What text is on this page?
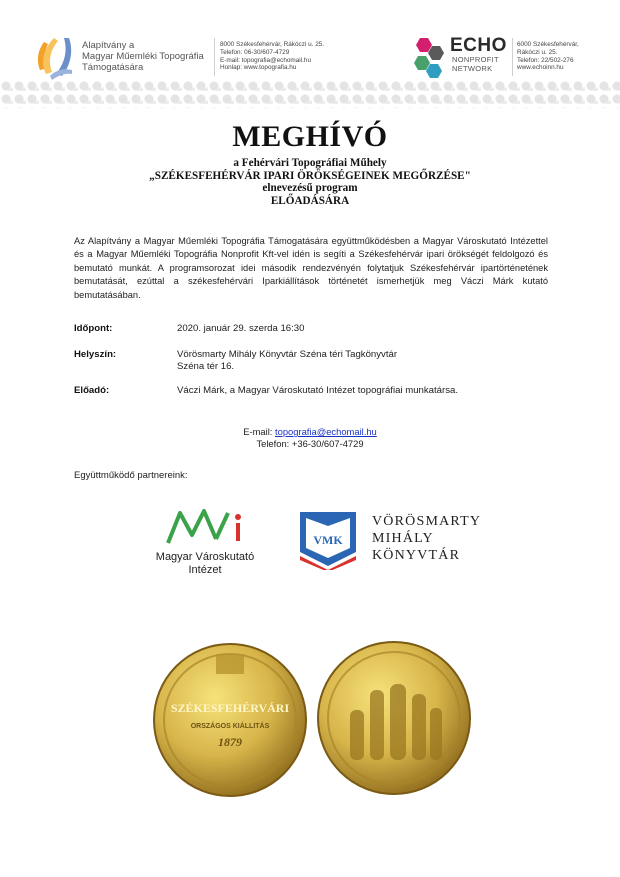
Alapítvány a
Magyar Műemléki Topográfia
Támogatására
8000 Székesfehérvár, Rákóczi u. 25.
Telefon: 06-30/607-4729
E-mail: topografia@echomail.hu
Honlap: www.topografia.hu
ECHO
NONPROFIT
NETWORK
6000 Székesfehérvár,
Rákóczi u. 25.
Telefon: 22/502-276
www.echoinn.hu
MEGHÍVÓ
a Fehérvári Topográfiai Műhely
„SZÉKESFEHÉRVÁR IPARI ÖRÖKSÉGEINEK MEGŐRZÉSE"
elnevezésű program
ELŐADÁSÁRA
Az Alapítvány a Magyar Műemléki Topográfia Támogatására együttműködésben a Magyar Városkutató Intézettel és a Magyar Műemléki Topográfia Nonprofit Kft-vel idén is segíti a Székesfehérvár ipari örökségét feldolgozó és bemutató munkát. A programsorozat idei második rendezvényén folytatjuk Székesfehérvár ipartörténetének bemutatását, ezúttal a székesfehérvári Iparkiállítások történetét ismerhetjük meg Váczi Márk kutató bemutatásában.
Időpont:	2020. január 29. szerda 16:30
Helyszín:	Vörösmarty Mihály Könyvtár Széna téri Tagkönyvtár
Széna tér 16.
Előadó:	Váczi Márk, a Magyar Városkutató Intézet topográfiai munkatársa.
E-mail: topografia@echomail.hu
Telefon: +36-30/607-4729
Együttműködő partnereink:
Magyar Városkutató
Intézet
VMK
VÖRÖSMARTY
MIHÁLY
KÖNYVTÁR
SZÉKESFEHÉRVÁRI
ORSZÁGOS KIÁLLITÁS
1879
